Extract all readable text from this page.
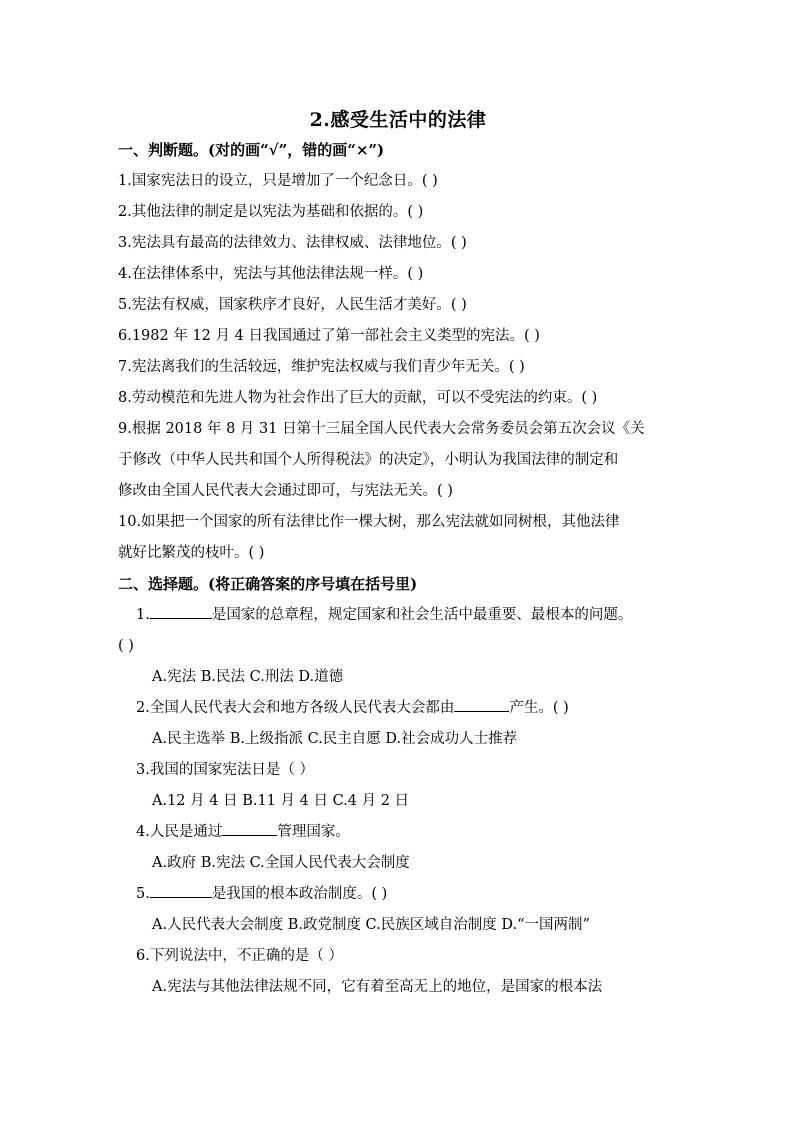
2.感受生活中的法律
一、判断题。(对的画“√”，错的画“×”)
1.国家宪法日的设立，只是增加了一个纪念日。( )
2.其他法律的制定是以宪法为基础和依据的。( )
3.宪法具有最高的法律效力、法律权威、法律地位。( )
4.在法律体系中，宪法与其他法律法规一样。( )
5.宪法有权威，国家秩序才良好，人民生活才美好。( )
6.1982 年 12 月 4 日我国通过了第一部社会主义类型的宪法。( )
7.宪法离我们的生活较远，维护宪法权威与我们青少年无关。( )
8.劳动模范和先进人物为社会作出了巨大的贡献，可以不受宪法的约束。( )
9.根据 2018 年 8 月 31 日第十三届全国人民代表大会常务委员会第五次会议《关
于修改（中华人民共和国个人所得税法》的决定》，小明认为我国法律的制定和
修改由全国人民代表大会通过即可，与宪法无关。( )
10.如果把一个国家的所有法律比作一棵大树，那么宪法就如同树根，其他法律
就好比繁茂的枝叶。( )
二、选择题。(将正确答案的序号填在括号里)
1.	是国家的总章程，规定国家和社会生活中最重要、最根本的问题。
( )
A.宪法 B.民法 C.刑法 D.道德
2.全国人民代表大会和地方各级人民代表大会都由	产生。( )
A.民主选举 B.上级指派 C.民主自愿 D.社会成功人士推荐
3.我国的国家宪法日是（ ）
A.12 月 4 日 B.11 月 4 日 C.4 月 2 日
4.人民是通过	管理国家。
A.政府 B.宪法 C.全国人民代表大会制度
5.	是我国的根本政治制度。( )
A.人民代表大会制度 B.政党制度 C.民族区域自治制度 D.“一国两制”
6.下列说法中，不正确的是（ ）
A.宪法与其他法律法规不同，它有着至高无上的地位，是国家的根本法
